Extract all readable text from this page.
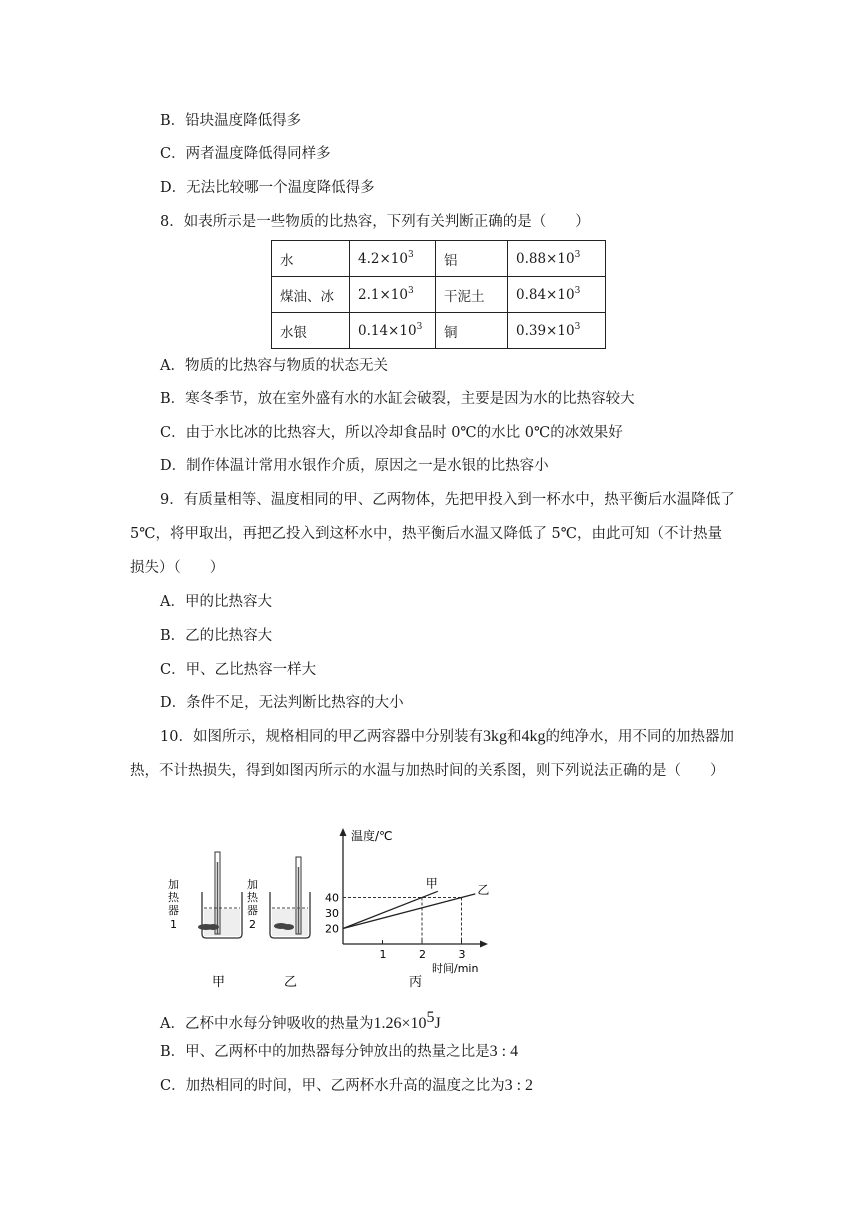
B．铅块温度降低得多
C．两者温度降低得同样多
D．无法比较哪一个温度降低得多
8．如表所示是一些物质的比热容，下列有关判断正确的是（　　）
水	$4.2\times 10^3$	铝	$0.88\times 10^3$
煤油、冰	$2.1\times 10^3$	干泥土	$0.84\times 10^3$
水银	$0.14\times 10^3$	铜	$0.39\times 10^3$
A．物质的比热容与物质的状态无关
B．寒冬季节，放在室外盛有水的水缸会破裂，主要是因为水的比热容较大
C．由于水比冰的比热容大，所以冷却食品时 0℃的水比 0℃的冰效果好
D．制作体温计常用水银作介质，原因之一是水银的比热容小
9．有质量相等、温度相同的甲、乙两物体，先把甲投入到一杯水中，热平衡后水温降低了 5℃，将甲取出，再把乙投入到这杯水中，热平衡后水温又降低了 5℃，由此可知（不计热量损失）（　　）
A．甲的比热容大
B．乙的比热容大
C．甲、乙比热容一样大
D．条件不足，无法判断比热容的大小
10．如图所示，规格相同的甲乙两容器中分别装有3kg和4kg的纯净水，用不同的加热器加热，不计热损失，得到如图丙所示的水温与加热时间的关系图，则下列说法正确的是（　　）
加热器 1
甲
加热器 2
乙
温度/℃
时间/min
丙
20
30
40
1	2	3
甲	乙
A．乙杯中水每分钟吸收的热量为$1.26\times 10^5J$
B．甲、乙两杯中的加热器每分钟放出的热量之比是3 : 4
C．加热相同的时间，甲、乙两杯水升高的温度之比为3 : 2
